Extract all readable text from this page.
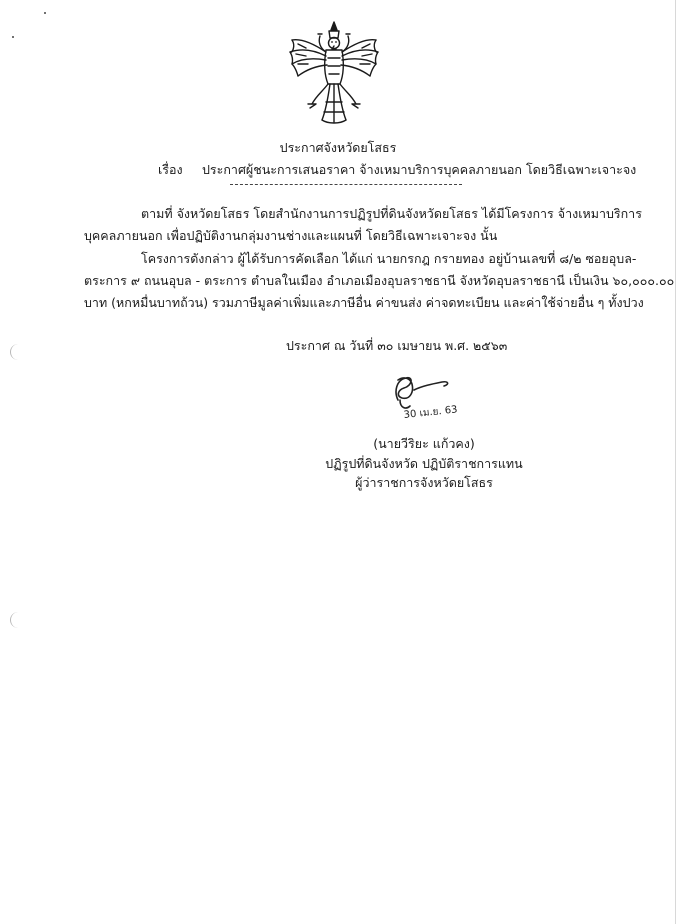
ประกาศจังหวัดยโสธร
เรื่อง ประกาศผู้ชนะการเสนอราคา จ้างเหมาบริการบุคคลภายนอก โดยวิธีเฉพาะเจาะจง
ตามที่ จังหวัดยโสธร โดยสำนักงานการปฏิรูปที่ดินจังหวัดยโสธร ได้มีโครงการ จ้างเหมาบริการ
บุคคลภายนอก เพื่อปฏิบัติงานกลุ่มงานช่างและแผนที่ โดยวิธีเฉพาะเจาะจง นั้น
โครงการดังกล่าว ผู้ได้รับการคัดเลือก ได้แก่ นายกรกฎ กรายทอง อยู่บ้านเลขที่ ๘/๒ ซอยอุบล-
ตระการ ๙ ถนนอุบล - ตระการ ตำบลในเมือง อำเภอเมืองอุบลราชธานี จังหวัดอุบลราชธานี เป็นเงิน ๖๐,๐๐๐.๐๐
บาท (หกหมื่นบาทถ้วน) รวมภาษีมูลค่าเพิ่มและภาษีอื่น ค่าขนส่ง ค่าจดทะเบียน และค่าใช้จ่ายอื่น ๆ ทั้งปวง
ประกาศ ณ วันที่ ๓๐ เมษายน พ.ศ. ๒๕๖๓
30 เม.ย. 63
(นายวีริยะ แก้วคง)
ปฏิรูปที่ดินจังหวัด ปฏิบัติราชการแทน
ผู้ว่าราชการจังหวัดยโสธร
